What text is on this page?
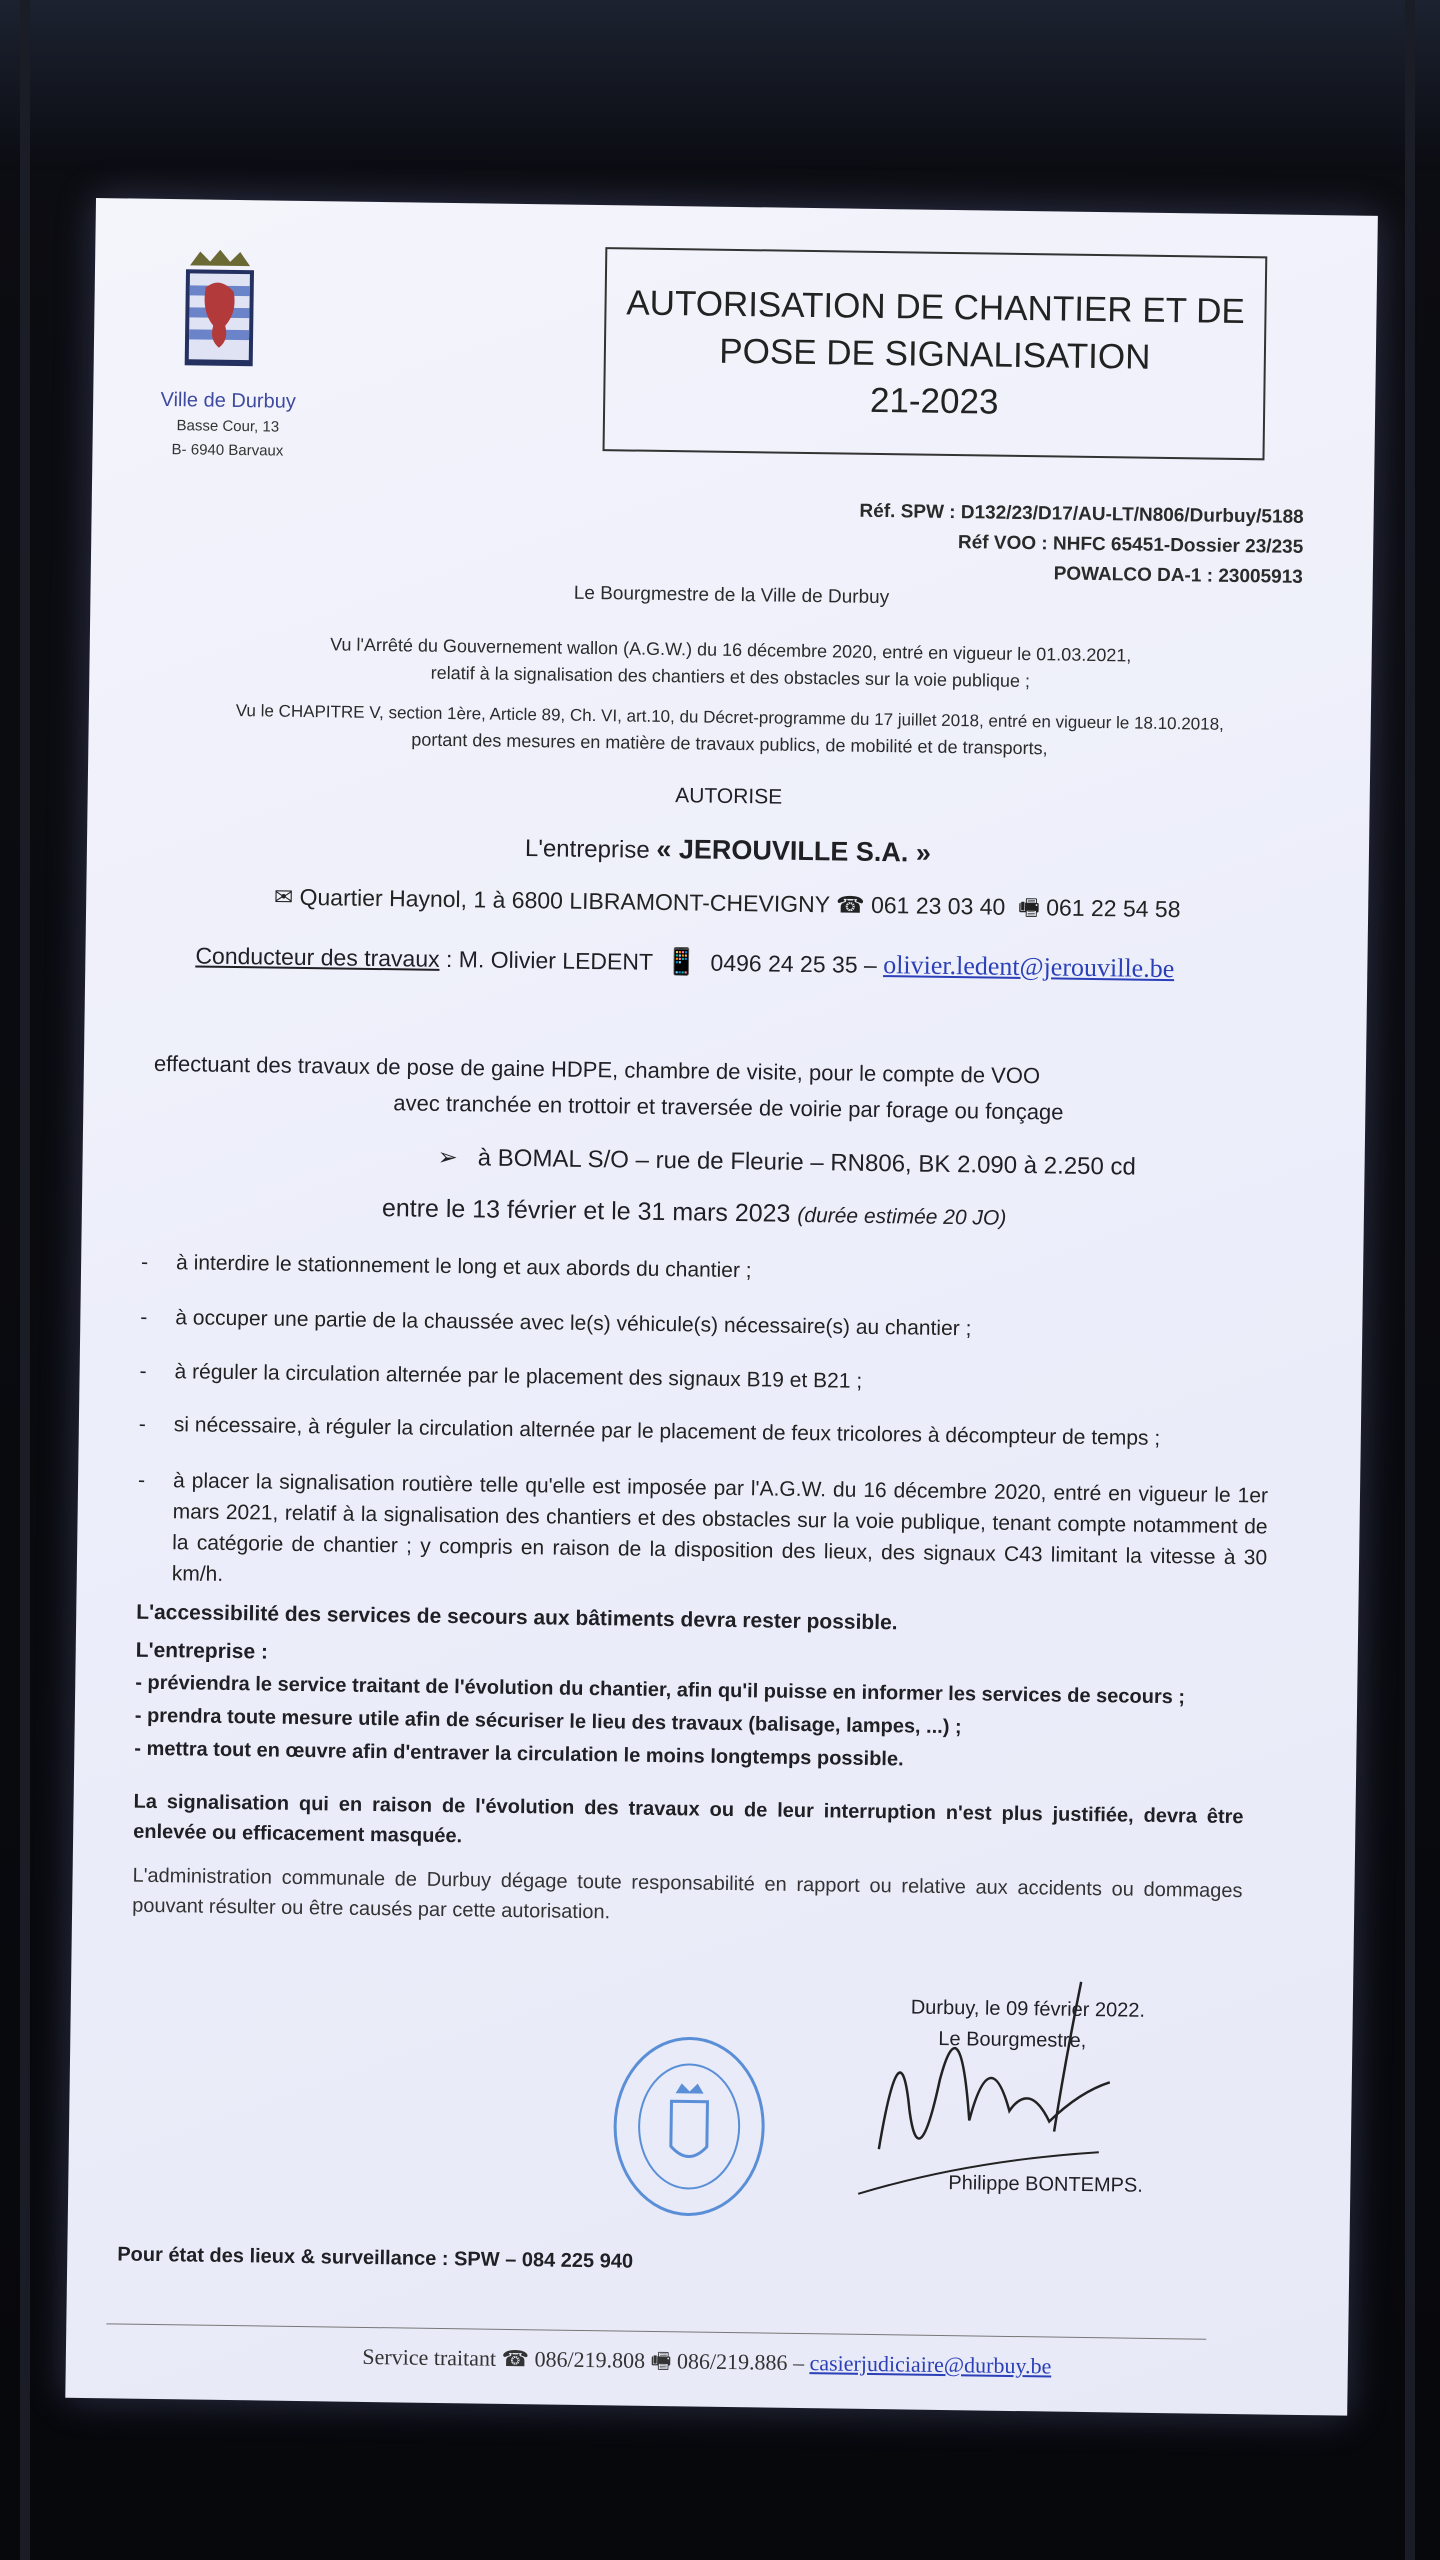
Ville de Durbuy
Basse Cour, 13
B- 6940 Barvaux
AUTORISATION DE CHANTIER ET DE
POSE DE SIGNALISATION
21-2023
Réf. SPW : D132/23/D17/AU-LT/N806/Durbuy/5188
Réf VOO : NHFC 65451-Dossier 23/235
POWALCO DA-1 : 23005913
Le Bourgmestre de la Ville de Durbuy
Vu l'Arrêté du Gouvernement wallon (A.G.W.) du 16 décembre 2020, entré en vigueur le 01.03.2021,
relatif à la signalisation des chantiers et des obstacles sur la voie publique ;
Vu le CHAPITRE V, section 1ère, Article 89, Ch. VI, art.10, du Décret-programme du 17 juillet 2018, entré en vigueur le 18.10.2018,
portant des mesures en matière de travaux publics, de mobilité et de transports,
AUTORISE
L'entreprise « JEROUVILLE S.A. »
✉ Quartier Haynol, 1 à 6800 LIBRAMONT-CHEVIGNY ☎ 061 23 03 40 🖷 061 22 54 58
Conducteur des travaux : M. Olivier LEDENT 📱 0496 24 25 35 – olivier.ledent@jerouville.be
effectuant des travaux de pose de gaine HDPE, chambre de visite, pour le compte de VOO
avec tranchée en trottoir et traversée de voirie par forage ou fonçage
➢ à BOMAL S/O – rue de Fleurie – RN806, BK 2.090 à 2.250 cd
entre le 13 février et le 31 mars 2023 (durée estimée 20 JO)
- à interdire le stationnement le long et aux abords du chantier ;
- à occuper une partie de la chaussée avec le(s) véhicule(s) nécessaire(s) au chantier ;
- à réguler la circulation alternée par le placement des signaux B19 et B21 ;
- si nécessaire, à réguler la circulation alternée par le placement de feux tricolores à décompteur de temps ;
- à placer la signalisation routière telle qu'elle est imposée par l'A.G.W. du 16 décembre 2020, entré en vigueur le 1er mars 2021, relatif à la signalisation des chantiers et des obstacles sur la voie publique, tenant compte notamment de la catégorie de chantier ; y compris en raison de la disposition des lieux, des signaux C43 limitant la vitesse à 30 km/h.
L'accessibilité des services de secours aux bâtiments devra rester possible.
L'entreprise :
- préviendra le service traitant de l'évolution du chantier, afin qu'il puisse en informer les services de secours ;
- prendra toute mesure utile afin de sécuriser le lieu des travaux (balisage, lampes, ...) ;
- mettra tout en œuvre afin d'entraver la circulation le moins longtemps possible.
La signalisation qui en raison de l'évolution des travaux ou de leur interruption n'est plus justifiée, devra être enlevée ou efficacement masquée.
L'administration communale de Durbuy dégage toute responsabilité en rapport ou relative aux accidents ou dommages pouvant résulter ou être causés par cette autorisation.
Durbuy, le 09 février 2022.
Le Bourgmestre,
Philippe BONTEMPS.
Pour état des lieux & surveillance : SPW – 084 225 940
Service traitant ☎ 086/219.808 🖷 086/219.886 – casierjudiciaire@durbuy.be
